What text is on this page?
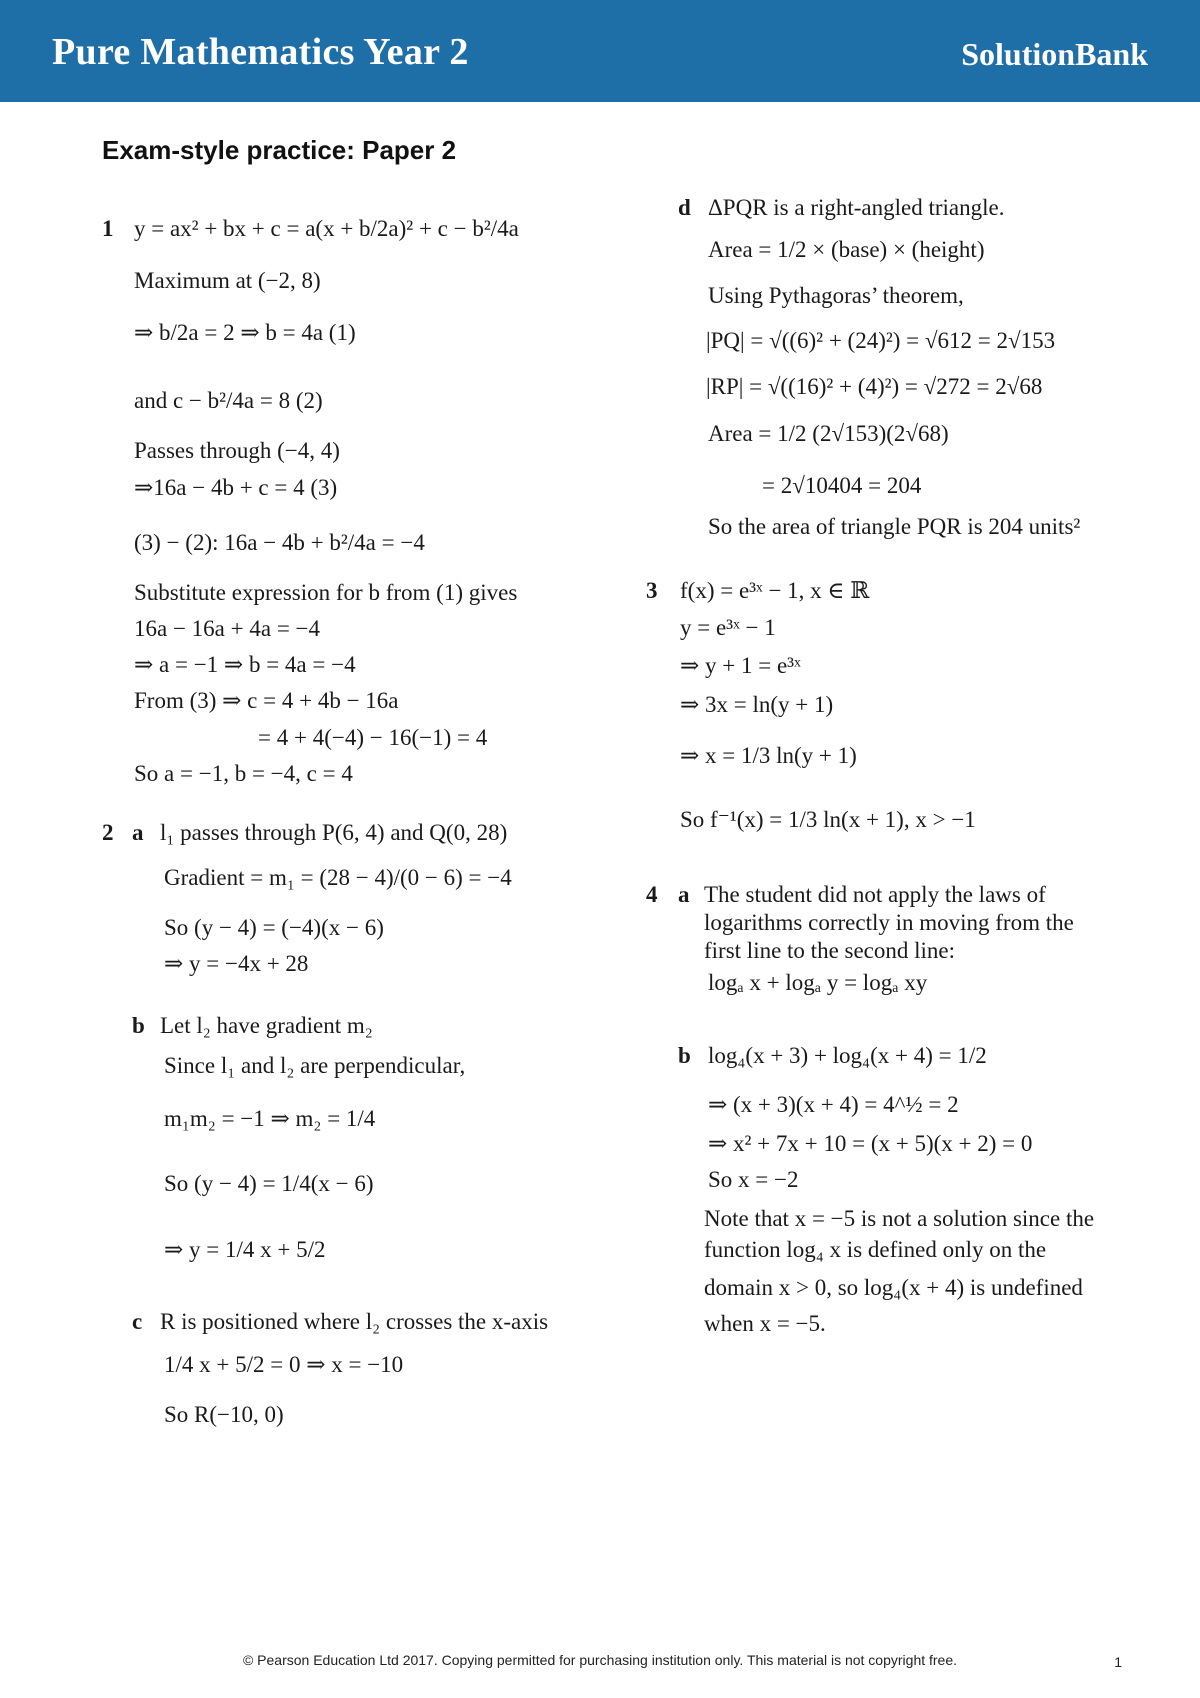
Pure Mathematics Year 2	SolutionBank
Exam-style practice: Paper 2
1 y = ax² + bx + c = a(x + b/2a)² + c − b²/4a
Maximum at (−2, 8)
⇒ b/2a = 2 ⇒ b = 4a (1)
and c − b²/4a = 8 (2)
Passes through (−4, 4)
⇒16a − 4b + c = 4 (3)
(3) − (2): 16a − 4b + b²/4a = −4
Substitute expression for b from (1) gives
16a − 16a + 4a = −4
⇒ a = −1 ⇒ b = 4a = −4
From (3) ⇒ c = 4 + 4b − 16a
= 4 + 4(−4) − 16(−1) = 4
So a = −1, b = −4, c = 4
2 a l₁ passes through P(6, 4) and Q(0, 28)
Gradient = m₁ = (28 − 4)/(0 − 6) = −4
So (y − 4) = (−4)(x − 6)
⇒ y = −4x + 28
b Let l₂ have gradient m₂
Since l₁ and l₂ are perpendicular,
m₁m₂ = −1 ⇒ m₂ = 1/4
So (y − 4) = 1/4(x − 6)
⇒ y = 1/4 x + 5/2
c R is positioned where l₂ crosses the x-axis
1/4 x + 5/2 = 0 ⇒ x = −10
So R(−10, 0)
d ΔPQR is a right-angled triangle.
Area = 1/2 × (base) × (height)
Using Pythagoras’ theorem,
|PQ| = √((6)² + (24)²) = √612 = 2√153
|RP| = √((16)² + (4)²) = √272 = 2√68
Area = 1/2 (2√153)(2√68)
= 2√10404 = 204
So the area of triangle PQR is 204 units²
3 f(x) = e³ˣ − 1, x ∈ ℝ
y = e³ˣ − 1
⇒ y + 1 = e³ˣ
⇒ 3x = ln(y + 1)
⇒ x = 1/3 ln(y + 1)
So f⁻¹(x) = 1/3 ln(x + 1), x > −1
4 a The student did not apply the laws of
logarithms correctly in moving from the
first line to the second line:
logₐ x + logₐ y = logₐ xy
b log₄(x + 3) + log₄(x + 4) = 1/2
⇒ (x + 3)(x + 4) = 4^½ = 2
⇒ x² + 7x + 10 = (x + 5)(x + 2) = 0
So x = −2
Note that x = −5 is not a solution since the
function log₄ x is defined only on the
domain x > 0, so log₄(x + 4) is undefined
when x = −5.
© Pearson Education Ltd 2017. Copying permitted for purchasing institution only. This material is not copyright free.	1
